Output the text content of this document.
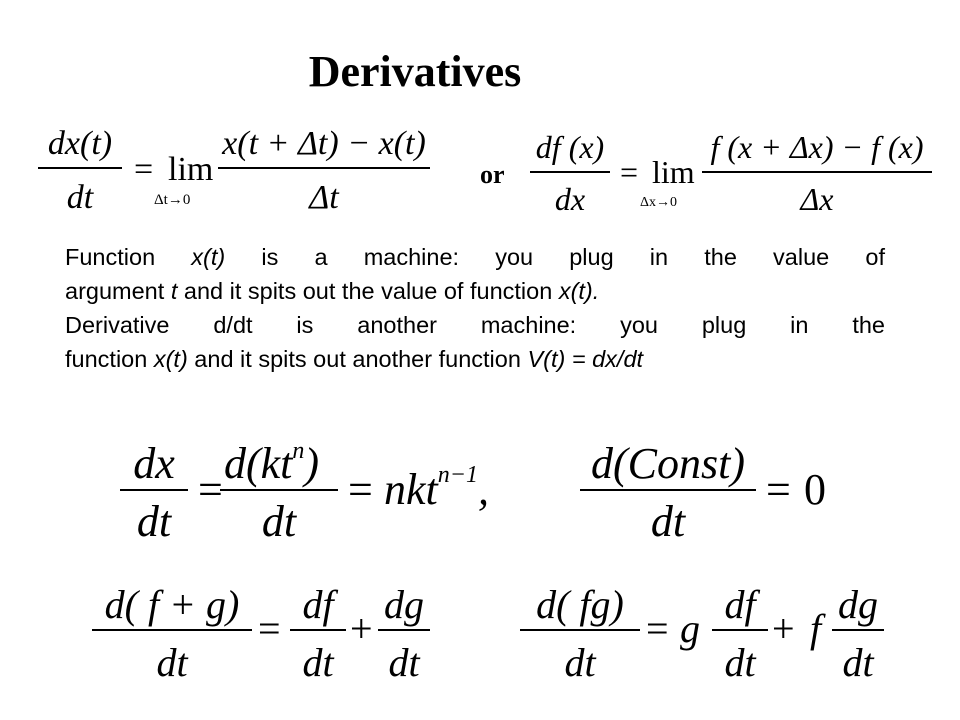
Derivatives
dx(t)
dt
= lim
Δt→0
x(t + Δt) − x(t)
Δt
or
df (x)
dx
= lim
Δx→0
f (x + Δx) − f (x)
Δx
Function x(t) is a machine: you plug in the value of
argument t and it spits out the value of function x(t).
Derivative d/dt is another machine: you plug in the
function x(t) and it spits out another function V(t) = dx/dt
dx
dt
=
$d(kt^n)$
dt
= nkt$^{n-1}$,
d(Const)
dt
= 0
d( f + g)
dt
=
df
dt
+
dg
dt
d( fg)
dt
= g
df
dt
+ f
dg
dt
